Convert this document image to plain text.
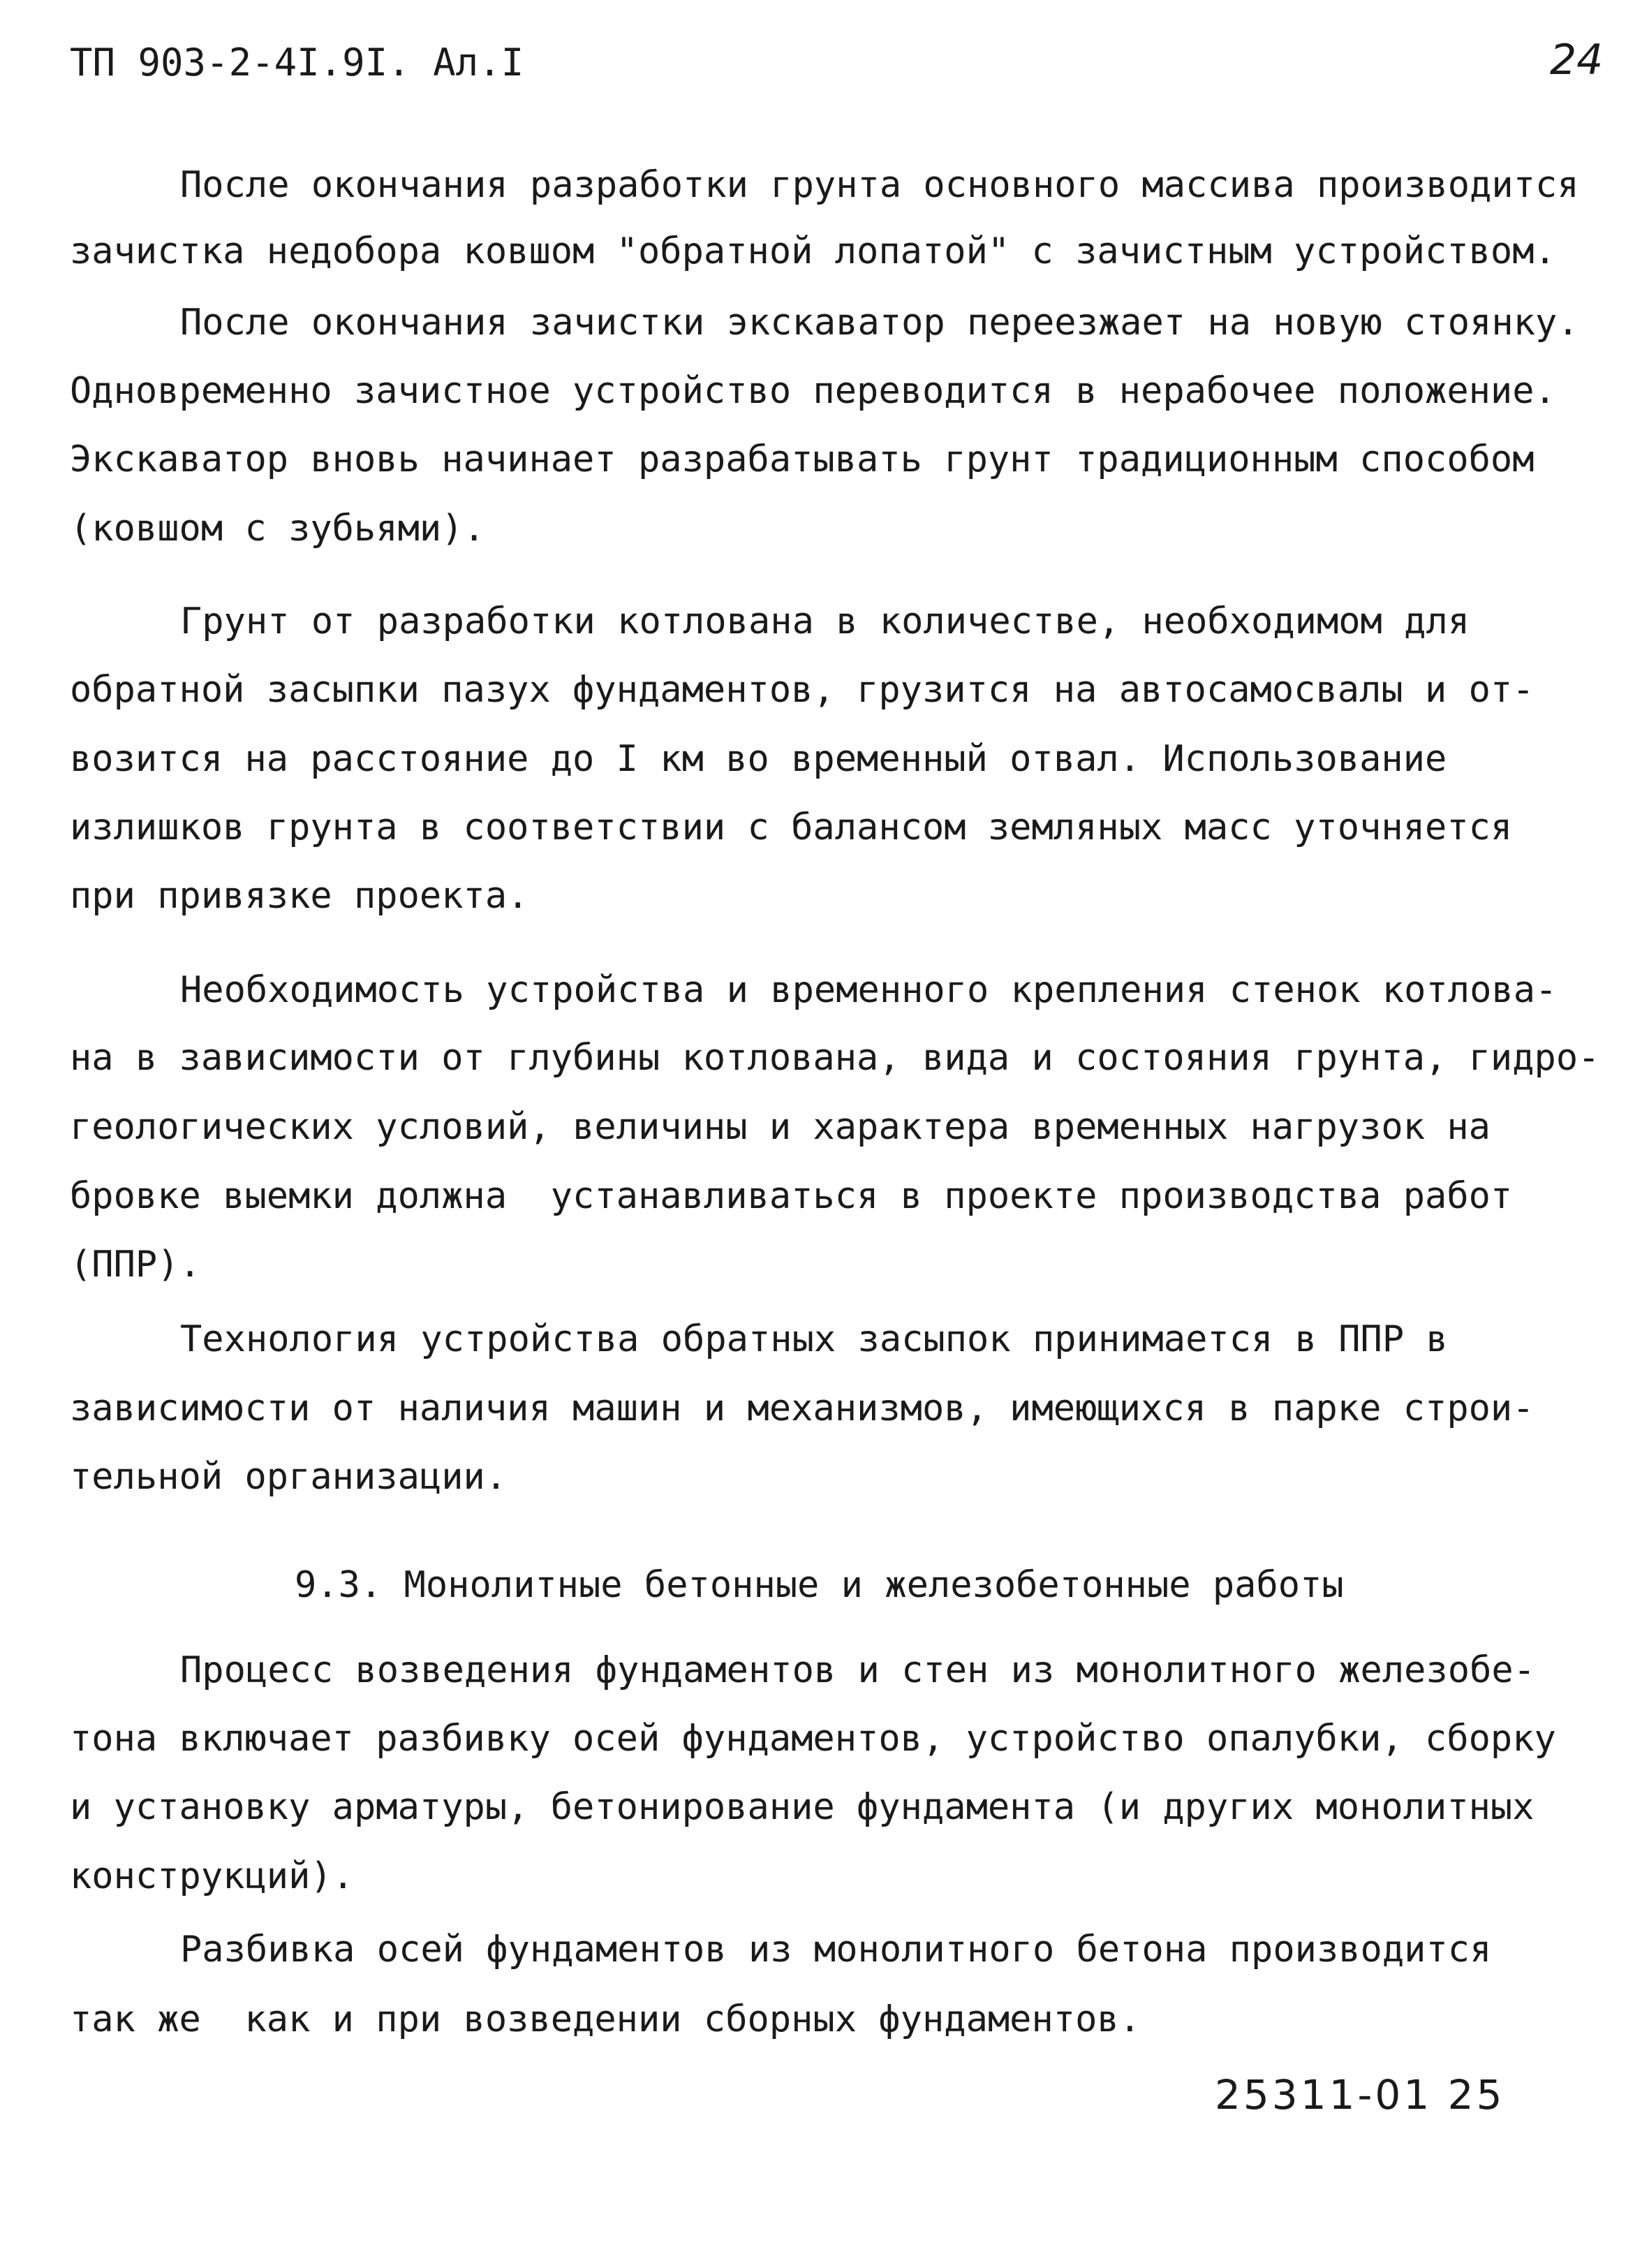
ТП 903-2-4I.9I. Ал.I	24
После окончания разработки грунта основного массива производится
зачистка недобора ковшом "обратной лопатой" с зачистным устройством.
После окончания зачистки экскаватор переезжает на новую стоянку.
Одновременно зачистное устройство переводится в нерабочее положение.
Экскаватор вновь начинает разрабатывать грунт традиционным способом
(ковшом с зубьями).
Грунт от разработки котлована в количестве, необходимом для
обратной засыпки пазух фундаментов, грузится на автосамосвалы и от-
возится на расстояние до I км во временный отвал. Использование
излишков грунта в соответствии с балансом земляных масс уточняется
при привязке проекта.
Необходимость устройства и временного крепления стенок котлова-
на в зависимости от глубины котлована, вида и состояния грунта, гидро-
геологических условий, величины и характера временных нагрузок на
бровке выемки должна  устанавливаться в проекте производства работ
(ППР).
Технология устройства обратных засыпок принимается в ППР в
зависимости от наличия машин и механизмов, имеющихся в парке строи-
тельной организации.
9.3. Монолитные бетонные и железобетонные работы
Процесс возведения фундаментов и стен из монолитного железобе-
тона включает разбивку осей фундаментов, устройство опалубки, сборку
и установку арматуры, бетонирование фундамента (и других монолитных
конструкций).
Разбивка осей фундаментов из монолитного бетона производится
так же  как и при возведении сборных фундаментов.
25311-01 25
